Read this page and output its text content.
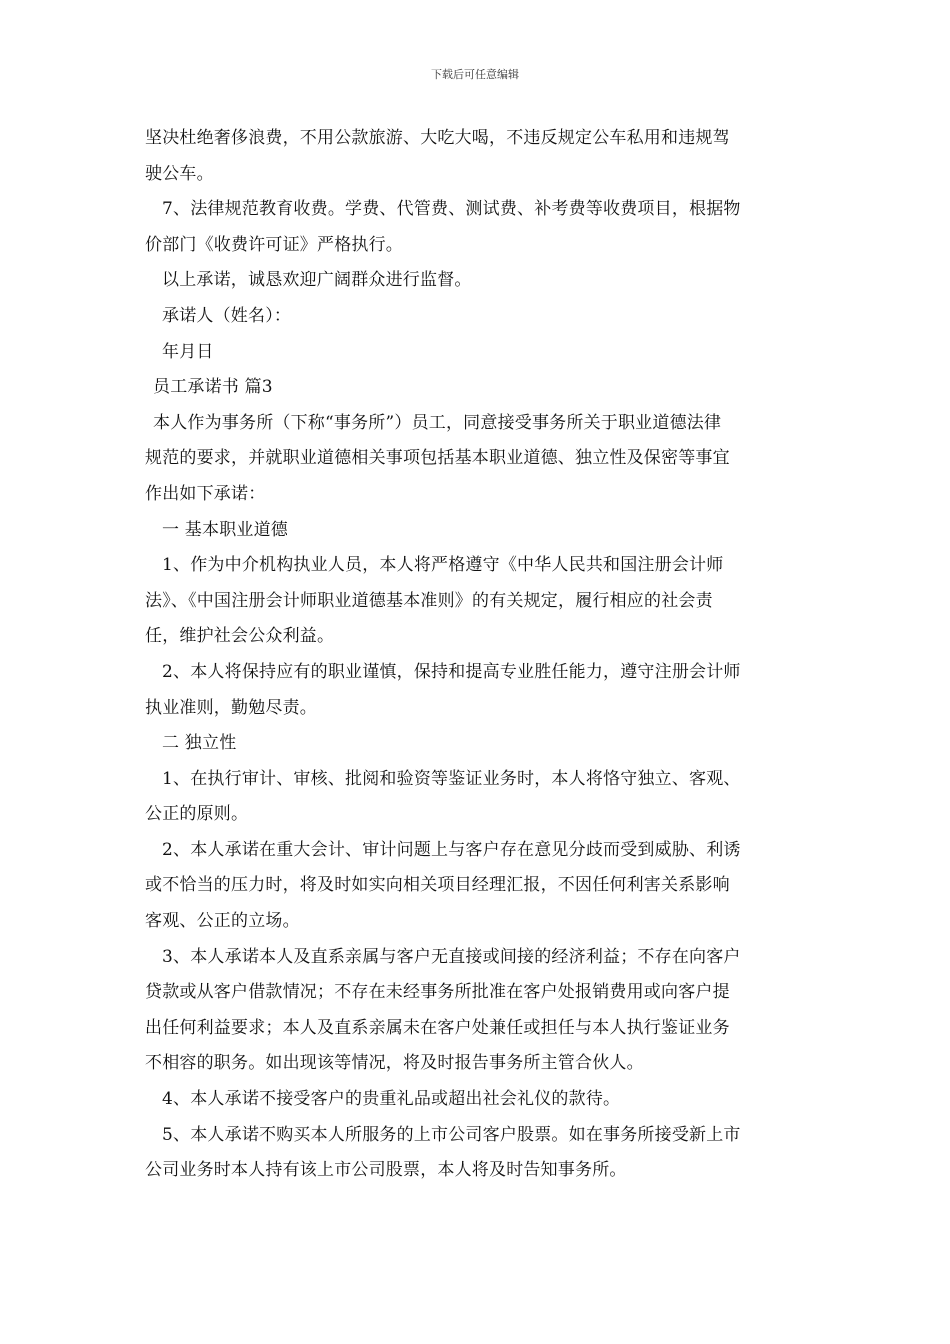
下载后可任意编辑
坚决杜绝奢侈浪费，不用公款旅游、大吃大喝，不违反规定公车私用和违规驾
驶公车。
7、法律规范教育收费。学费、代管费、测试费、补考费等收费项目，根据物
价部门《收费许可证》严格执行。
以上承诺，诚恳欢迎广阔群众进行监督。
承诺人（姓名）：
年月日
员工承诺书 篇3
本人作为事务所（下称“事务所”）员工，同意接受事务所关于职业道德法律
规范的要求，并就职业道德相关事项包括基本职业道德、独立性及保密等事宜
作出如下承诺：
一 基本职业道德
1、作为中介机构执业人员，本人将严格遵守《中华人民共和国注册会计师
法》、《中国注册会计师职业道德基本准则》的有关规定，履行相应的社会责
任，维护社会公众利益。
2、本人将保持应有的职业谨慎，保持和提高专业胜任能力，遵守注册会计师
执业准则，勤勉尽责。
二 独立性
1、在执行审计、审核、批阅和验资等鉴证业务时，本人将恪守独立、客观、
公正的原则。
2、本人承诺在重大会计、审计问题上与客户存在意见分歧而受到威胁、利诱
或不恰当的压力时，将及时如实向相关项目经理汇报，不因任何利害关系影响
客观、公正的立场。
3、本人承诺本人及直系亲属与客户无直接或间接的经济利益；不存在向客户
贷款或从客户借款情况；不存在未经事务所批准在客户处报销费用或向客户提
出任何利益要求；本人及直系亲属未在客户处兼任或担任与本人执行鉴证业务
不相容的职务。如出现该等情况，将及时报告事务所主管合伙人。
4、本人承诺不接受客户的贵重礼品或超出社会礼仪的款待。
5、本人承诺不购买本人所服务的上市公司客户股票。如在事务所接受新上市
公司业务时本人持有该上市公司股票，本人将及时告知事务所。
